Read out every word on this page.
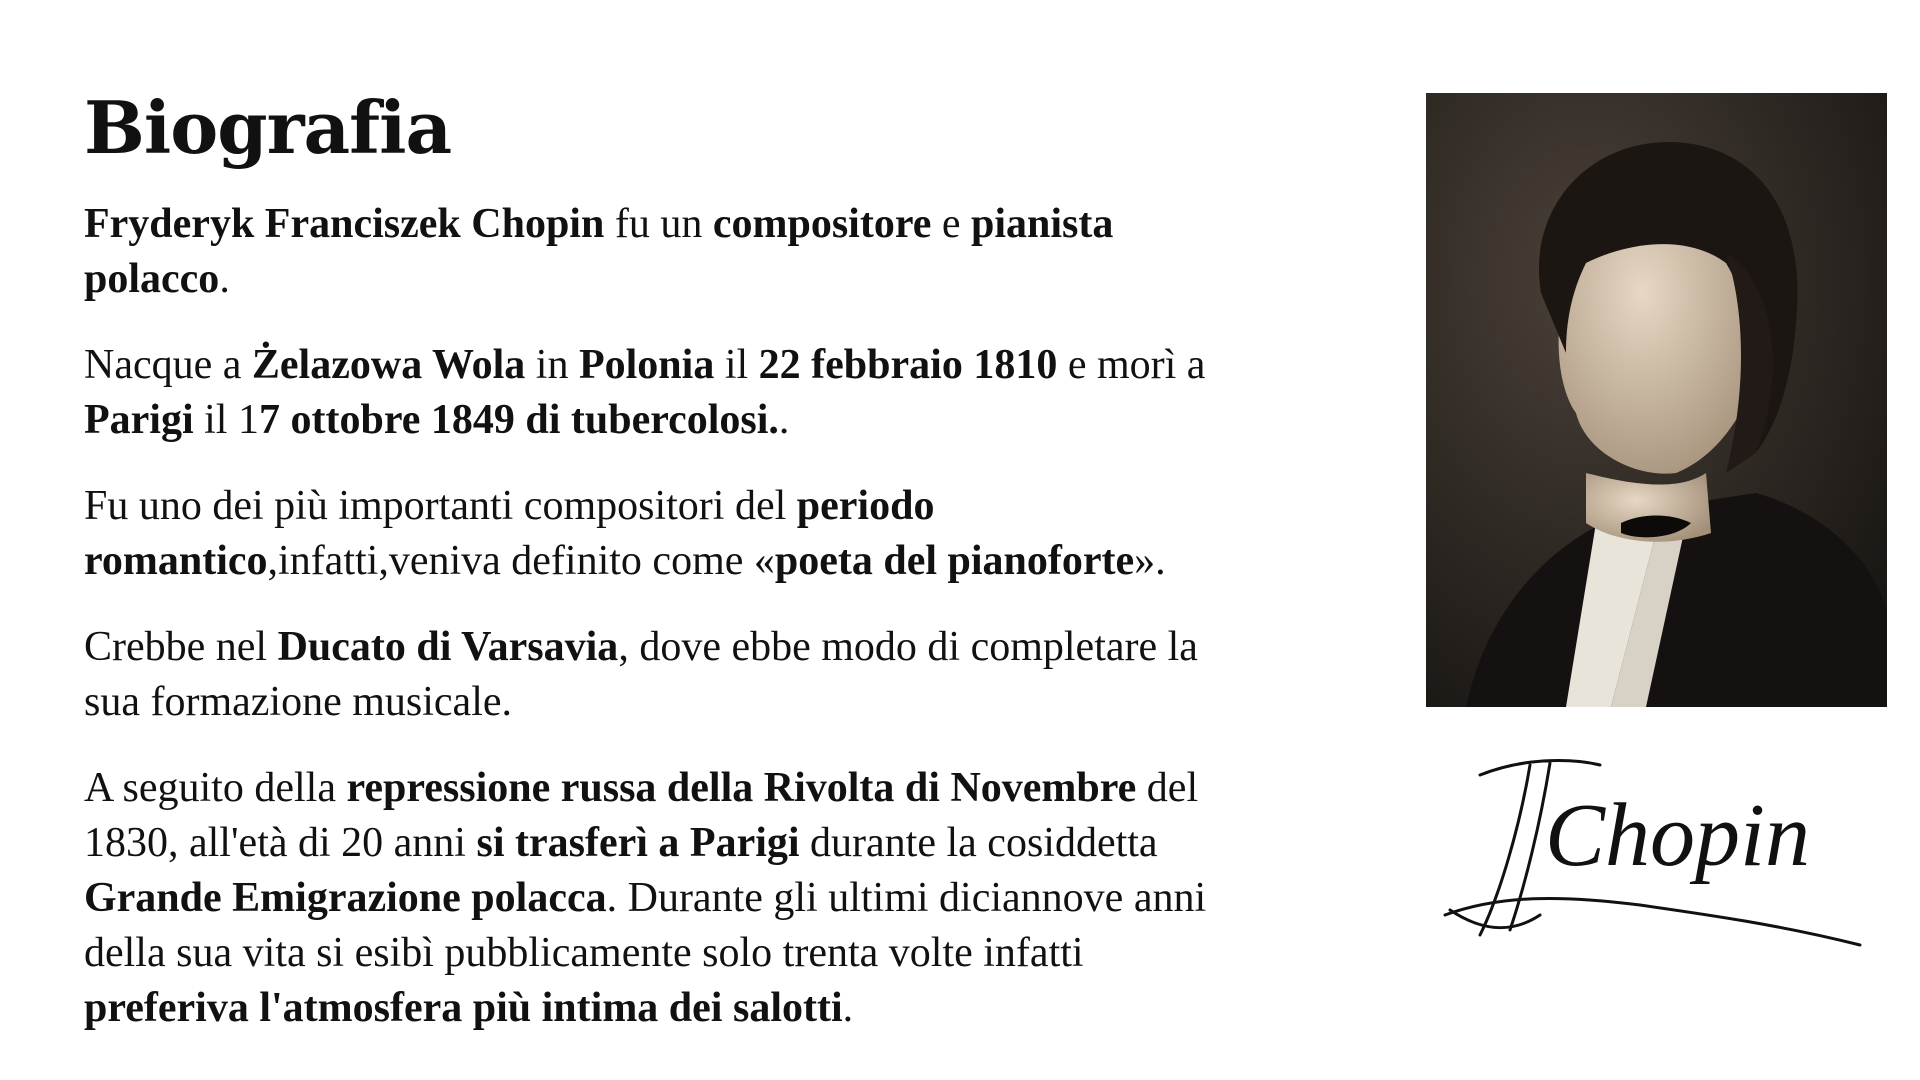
Biografia

Fryderyk Franciszek Chopin fu un compositore e pianista
polacco.

Nacque a Żelazowa Wola in Polonia il 22 febbraio 1810 e morì a
Parigi il 17 ottobre 1849 di tubercolosi..

Fu uno dei più importanti compositori del periodo
romantico,infatti,veniva definito come «poeta del pianoforte».

Crebbe nel Ducato di Varsavia, dove ebbe modo di completare la
sua formazione musicale.

A seguito della repressione russa della Rivolta di Novembre del
1830, all'età di 20 anni si trasferì a Parigi durante la cosiddetta
Grande Emigrazione polacca. Durante gli ultimi diciannove anni
della sua vita si esibì pubblicamente solo trenta volte infatti
preferiva l'atmosfera più intima dei salotti.

Chopin
